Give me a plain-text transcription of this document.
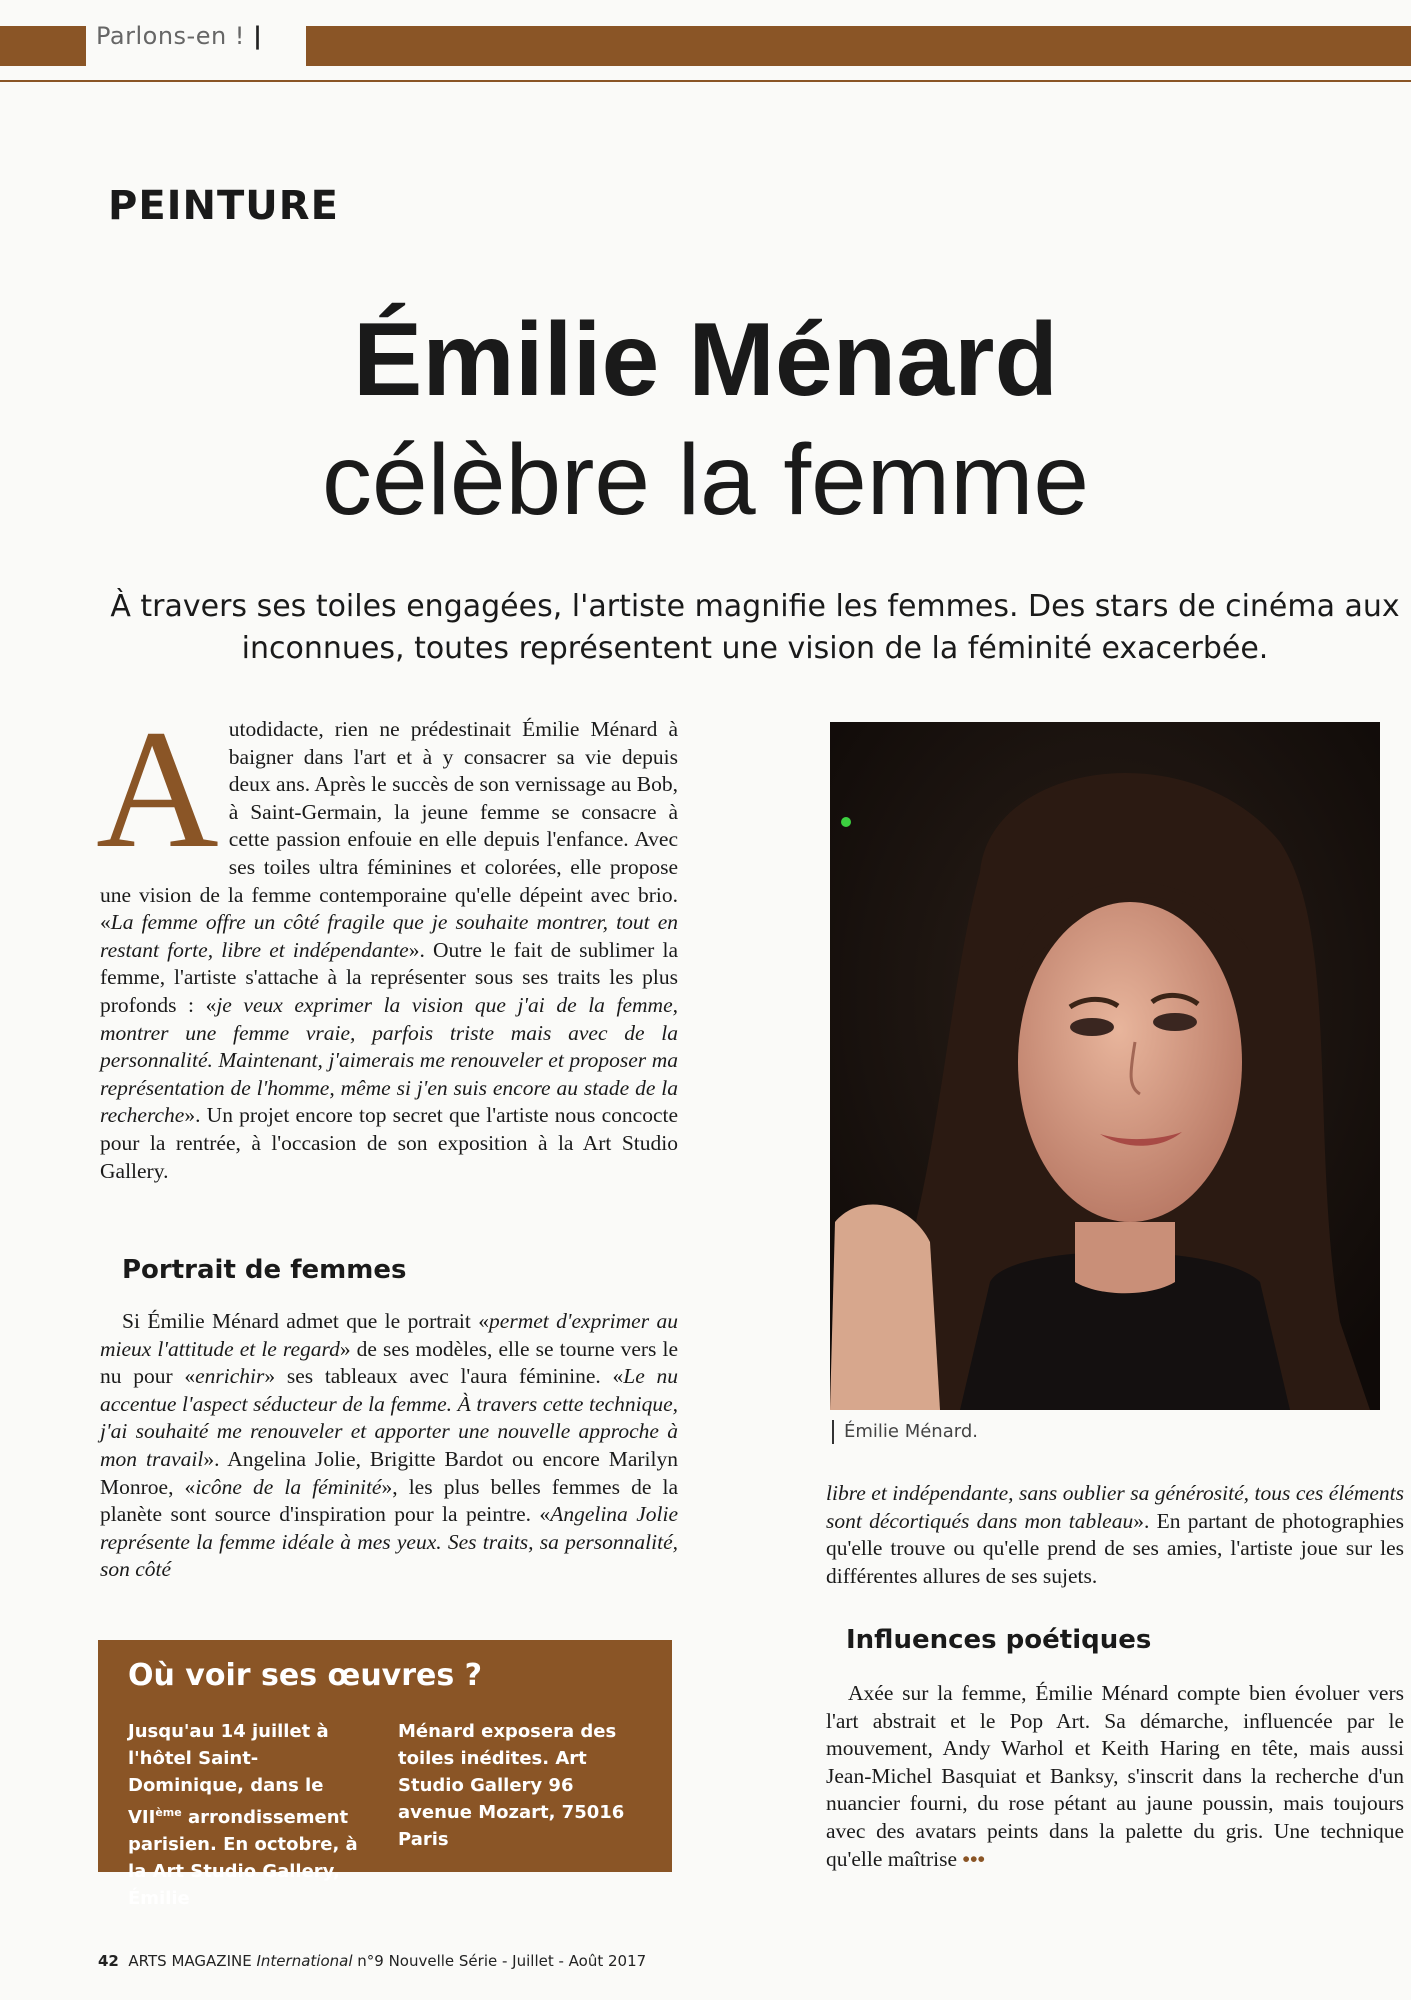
Parlons-en ! |
PEINTURE
Émilie Ménard
célèbre la femme
À travers ses toiles engagées, l'artiste magnifie les femmes. Des stars de cinéma aux inconnues, toutes représentent une vision de la féminité exacerbée.
A utodidacte, rien ne prédestinait Émilie Ménard à baigner dans l'art et à y consacrer sa vie depuis deux ans. Après le succès de son vernissage au Bob, à Saint-Germain, la jeune femme se consacre à cette passion enfouie en elle depuis l'enfance. Avec ses toiles ultra féminines et colorées, elle propose une vision de la femme contemporaine qu'elle dépeint avec brio. «La femme offre un côté fragile que je souhaite montrer, tout en restant forte, libre et indépendante». Outre le fait de sublimer la femme, l'artiste s'attache à la représenter sous ses traits les plus profonds : «je veux exprimer la vision que j'ai de la femme, montrer une femme vraie, parfois triste mais avec de la personnalité. Maintenant, j'aimerais me renouveler et proposer ma représentation de l'homme, même si j'en suis encore au stade de la recherche». Un projet encore top secret que l'artiste nous concocte pour la rentrée, à l'occasion de son exposition à la Art Studio Gallery.

Portrait de femmes

Si Émilie Ménard admet que le portrait «permet d'exprimer au mieux l'attitude et le regard» de ses modèles, elle se tourne vers le nu pour «enrichir» ses tableaux avec l'aura féminine. «Le nu accentue l'aspect séducteur de la femme. À travers cette technique, j'ai souhaité me renouveler et apporter une nouvelle approche à mon travail». Angelina Jolie, Brigitte Bardot ou encore Marilyn Monroe, «icône de la féminité», les plus belles femmes de la planète sont source d'inspiration pour la peintre. «Angelina Jolie représente la femme idéale à mes yeux. Ses traits, sa personnalité, son côté

Émilie Ménard.

libre et indépendante, sans oublier sa générosité, tous ces éléments sont décortiqués dans mon tableau». En partant de photographies qu'elle trouve ou qu'elle prend de ses amies, l'artiste joue sur les différentes allures de ses sujets.

Influences poétiques

Axée sur la femme, Émilie Ménard compte bien évoluer vers l'art abstrait et le Pop Art. Sa démarche, influencée par le mouvement, Andy Warhol et Keith Haring en tête, mais aussi Jean-Michel Basquiat et Banksy, s'inscrit dans la recherche d'un nuancier fourni, du rose pétant au jaune poussin, mais toujours avec des avatars peints dans la palette du gris. Une technique qu'elle maîtrise •••

Où voir ses œuvres ?
Jusqu'au 14 juillet à l'hôtel Saint-Dominique, dans le VIIème arrondissement parisien. En octobre, à la Art Studio Gallery, Émilie
Ménard exposera des toiles inédites. Art Studio Gallery 96 avenue Mozart, 75016 Paris
42 ARTS MAGAZINE International n°9 Nouvelle Série - Juillet - Août 2017
